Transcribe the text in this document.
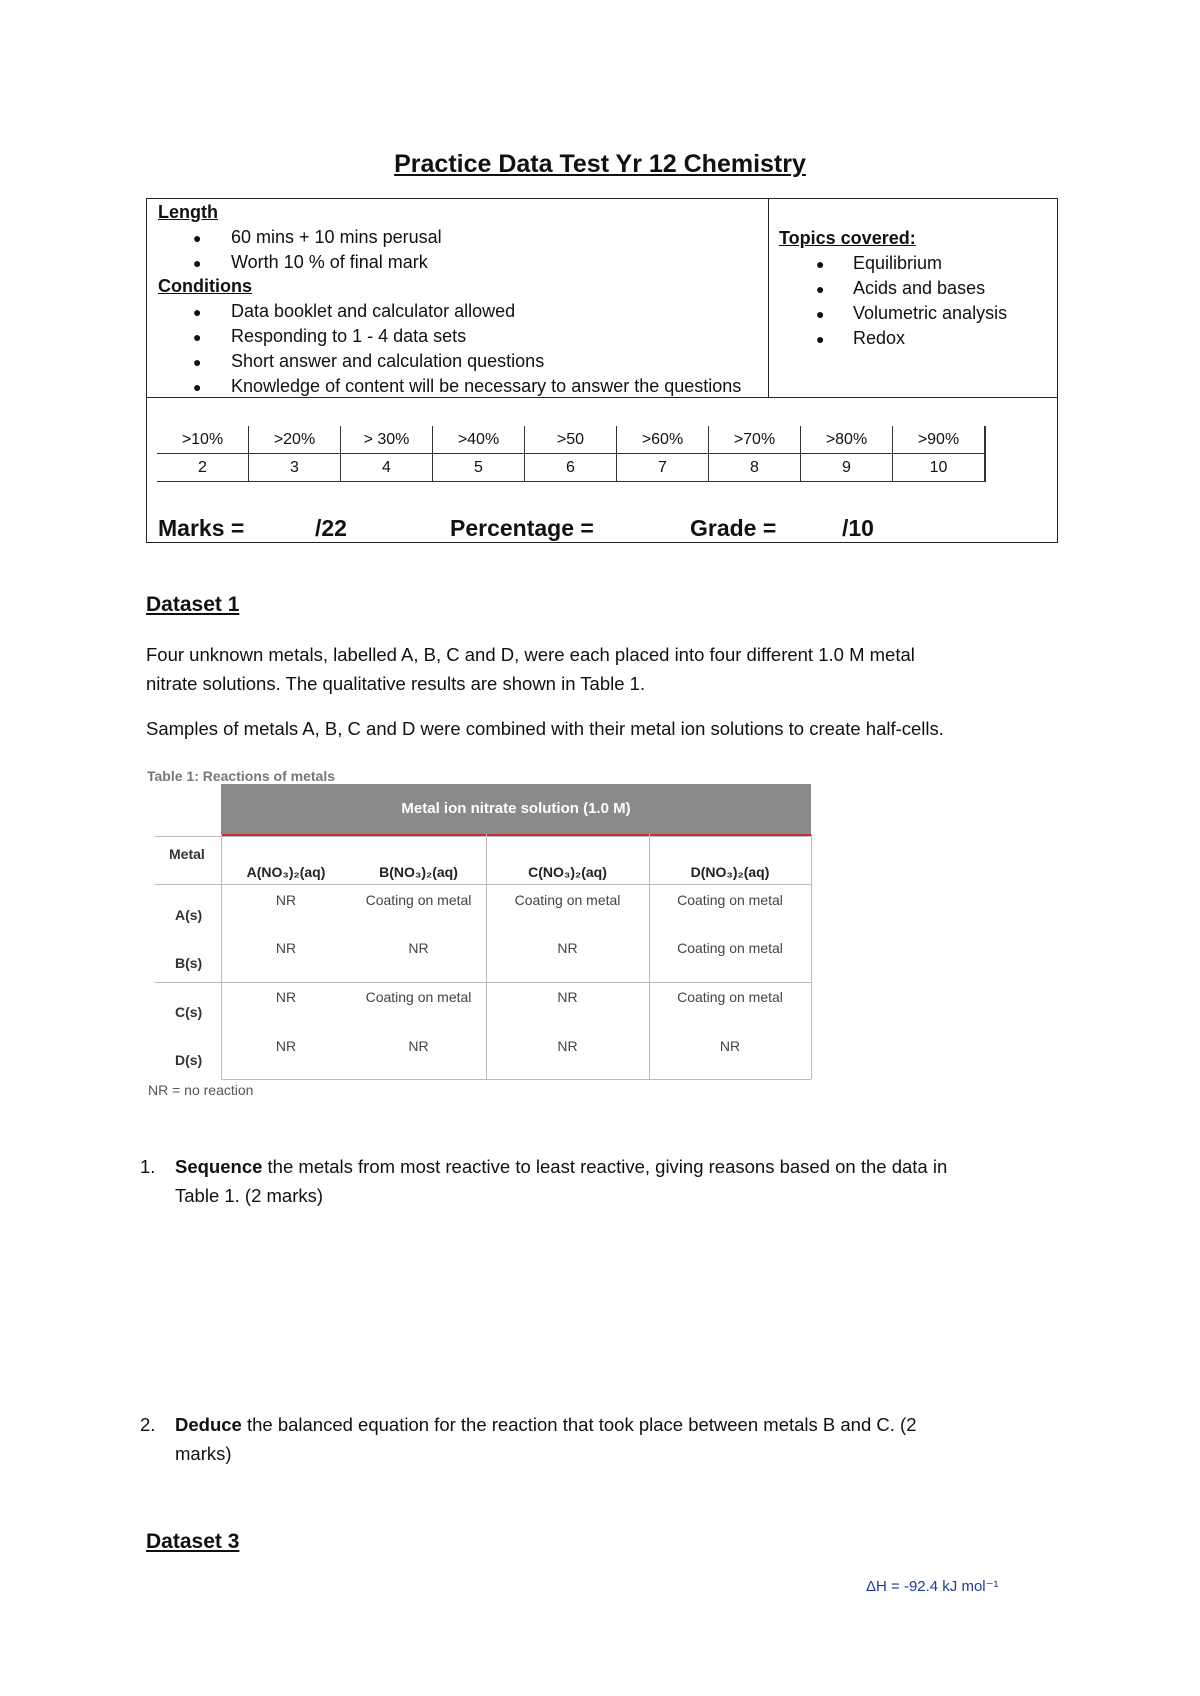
Practice Data Test Yr 12 Chemistry
Length
● 60 mins + 10 mins perusal
● Worth 10 % of final mark
Conditions
● Data booklet and calculator allowed
● Responding to 1 - 4 data sets
● Short answer and calculation questions
● Knowledge of content will be necessary to answer the questions
Topics covered:
● Equilibrium
● Acids and bases
● Volumetric analysis
● Redox
>10%	>20%	> 30%	>40%	>50	>60%	>70%	>80%	>90%
2	3	4	5	6	7	8	9	10
Marks =	/22	Percentage =	Grade =	/10
Dataset 1
Four unknown metals, labelled A, B, C and D, were each placed into four different 1.0 M metal
nitrate solutions. The qualitative results are shown in Table 1.
Samples of metals A, B, C and D were combined with their metal ion solutions to create half-cells.
Table 1: Reactions of metals
Metal ion nitrate solution (1.0 M)
Metal
A(NO₃)₂(aq)	B(NO₃)₂(aq)	C(NO₃)₂(aq)	D(NO₃)₂(aq)
A(s)
B(s)
C(s)
D(s)
NR	Coating on metal	Coating on metal	Coating on metal
NR	NR	NR	Coating on metal
NR	Coating on metal	NR	Coating on metal
NR	NR	NR	NR
NR = no reaction
1. Sequence the metals from most reactive to least reactive, giving reasons based on the data in
Table 1. (2 marks)
2. Deduce the balanced equation for the reaction that took place between metals B and C. (2
marks)
Dataset 3
ΔH = -92.4 kJ mol⁻¹
